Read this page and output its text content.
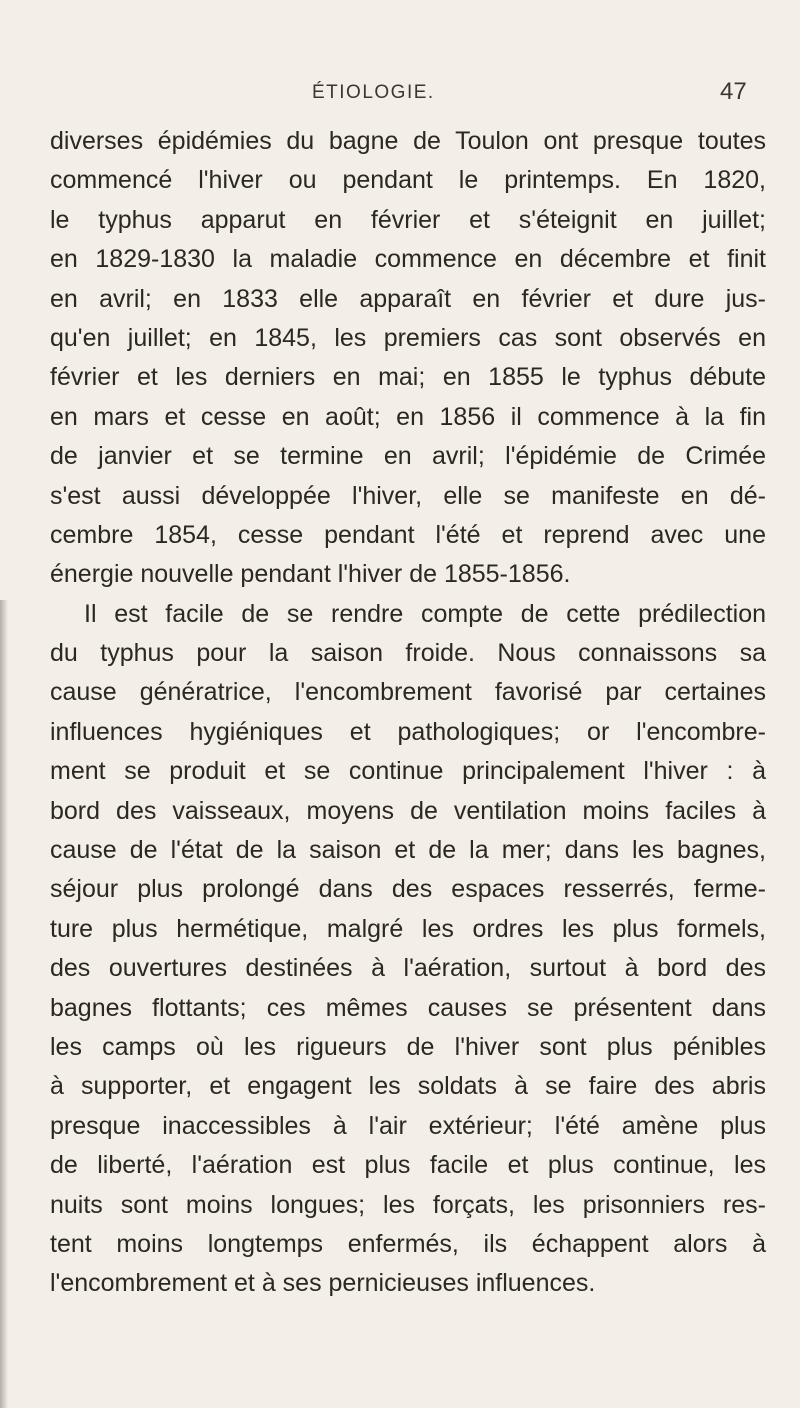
ÉTIOLOGIE.	47
diverses épidémies du bagne de Toulon ont presque toutes
commencé l'hiver ou pendant le printemps. En 1820,
le typhus apparut en février et s'éteignit en juillet;
en 1829-1830 la maladie commence en décembre et finit
en avril; en 1833 elle apparaît en février et dure jus-
qu'en juillet; en 1845, les premiers cas sont observés en
février et les derniers en mai; en 1855 le typhus débute
en mars et cesse en août; en 1856 il commence à la fin
de janvier et se termine en avril; l'épidémie de Crimée
s'est aussi développée l'hiver, elle se manifeste en dé-
cembre 1854, cesse pendant l'été et reprend avec une
énergie nouvelle pendant l'hiver de 1855-1856.
Il est facile de se rendre compte de cette prédilection
du typhus pour la saison froide. Nous connaissons sa
cause génératrice, l'encombrement favorisé par certaines
influences hygiéniques et pathologiques; or l'encombre-
ment se produit et se continue principalement l'hiver : à
bord des vaisseaux, moyens de ventilation moins faciles à
cause de l'état de la saison et de la mer; dans les bagnes,
séjour plus prolongé dans des espaces resserrés, ferme-
ture plus hermétique, malgré les ordres les plus formels,
des ouvertures destinées à l'aération, surtout à bord des
bagnes flottants; ces mêmes causes se présentent dans
les camps où les rigueurs de l'hiver sont plus pénibles
à supporter, et engagent les soldats à se faire des abris
presque inaccessibles à l'air extérieur; l'été amène plus
de liberté, l'aération est plus facile et plus continue, les
nuits sont moins longues; les forçats, les prisonniers res-
tent moins longtemps enfermés, ils échappent alors à
l'encombrement et à ses pernicieuses influences.
